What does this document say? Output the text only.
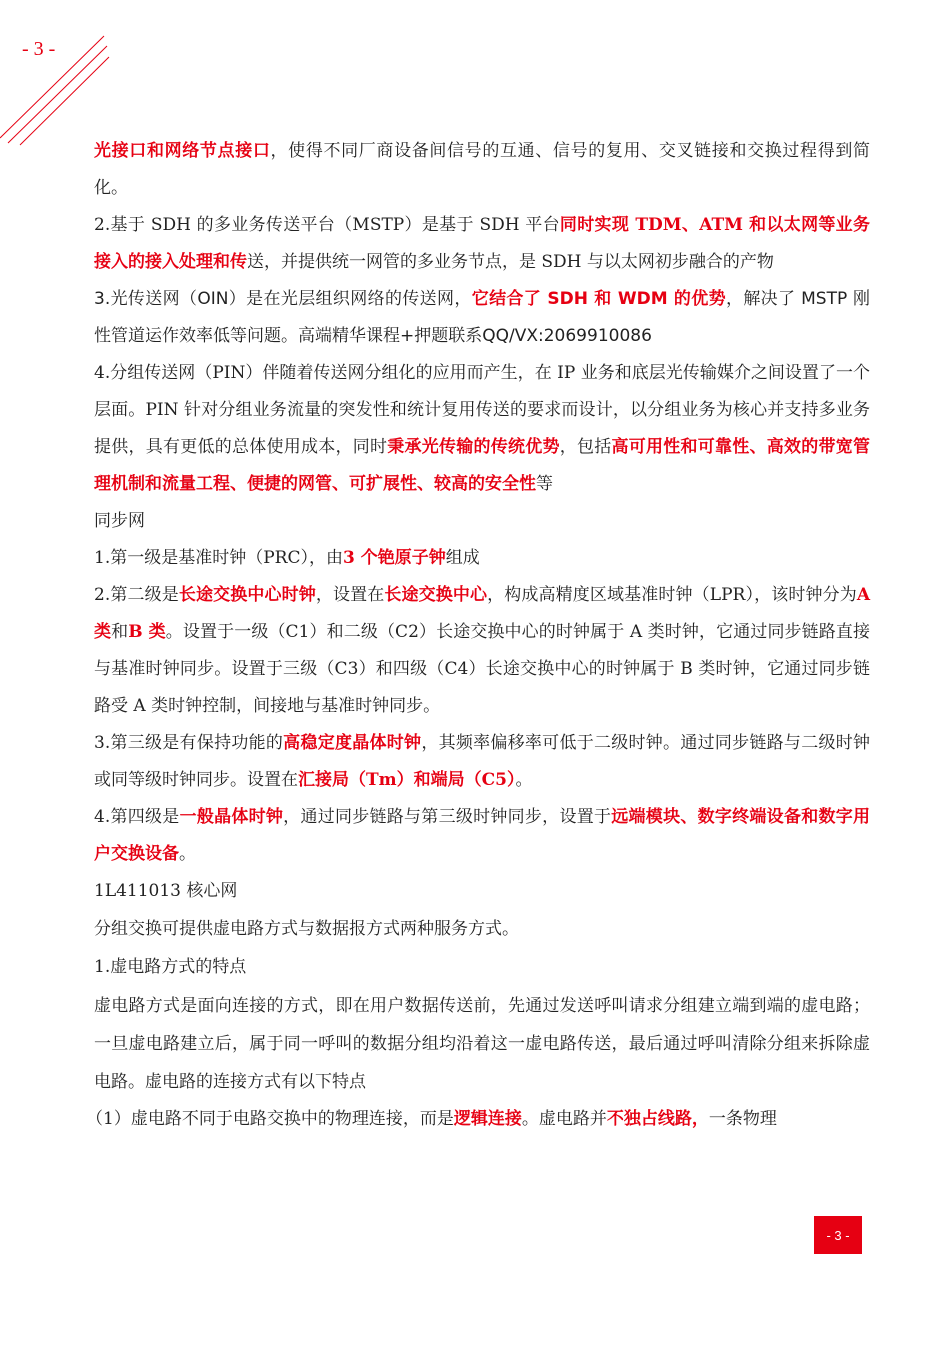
- 3 -

光接口和网络节点接口，使得不同厂商设备间信号的互通、信号的复用、交叉链接和交换过程得到简化。

2.基于 SDH 的多业务传送平台（MSTP）是基于 SDH 平台同时实现 TDM、ATM 和以太网等业务接入的接入处理和传送，并提供统一网管的多业务节点，是 SDH 与以太网初步融合的产物

3.光传送网（OIN）是在光层组织网络的传送网，它结合了 SDH 和 WDM 的优势，解决了 MSTP 刚性管道运作效率低等问题。高端精华课程+押题联系QQ/VX:2069910086

4.分组传送网（PIN）伴随着传送网分组化的应用而产生，在 IP 业务和底层光传输媒介之间设置了一个层面。PIN 针对分组业务流量的突发性和统计复用传送的要求而设计，以分组业务为核心并支持多业务提供，具有更低的总体使用成本，同时秉承光传输的传统优势，包括高可用性和可靠性、高效的带宽管理机制和流量工程、便捷的网管、可扩展性、较高的安全性等

同步网

1.第一级是基准时钟（PRC），由3 个铯原子钟组成

2.第二级是长途交换中心时钟，设置在长途交换中心，构成高精度区域基准时钟（LPR），该时钟分为A 类和B 类。设置于一级（C1）和二级（C2）长途交换中心的时钟属于 A 类时钟，它通过同步链路直接与基准时钟同步。设置于三级（C3）和四级（C4）长途交换中心的时钟属于 B 类时钟，它通过同步链路受 A 类时钟控制，间接地与基准时钟同步。

3.第三级是有保持功能的高稳定度晶体时钟，其频率偏移率可低于二级时钟。通过同步链路与二级时钟或同等级时钟同步。设置在汇接局（Tm）和端局（C5）。

4.第四级是一般晶体时钟，通过同步链路与第三级时钟同步，设置于远端模块、数字终端设备和数字用户交换设备。

1L411013 核心网

分组交换可提供虚电路方式与数据报方式两种服务方式。

1.虚电路方式的特点

虚电路方式是面向连接的方式，即在用户数据传送前，先通过发送呼叫请求分组建立端到端的虚电路；一旦虚电路建立后，属于同一呼叫的数据分组均沿着这一虚电路传送，最后通过呼叫清除分组来拆除虚电路。虚电路的连接方式有以下特点

（1）虚电路不同于电路交换中的物理连接，而是逻辑连接。虚电路并不独占线路，一条物理

- 3 -
